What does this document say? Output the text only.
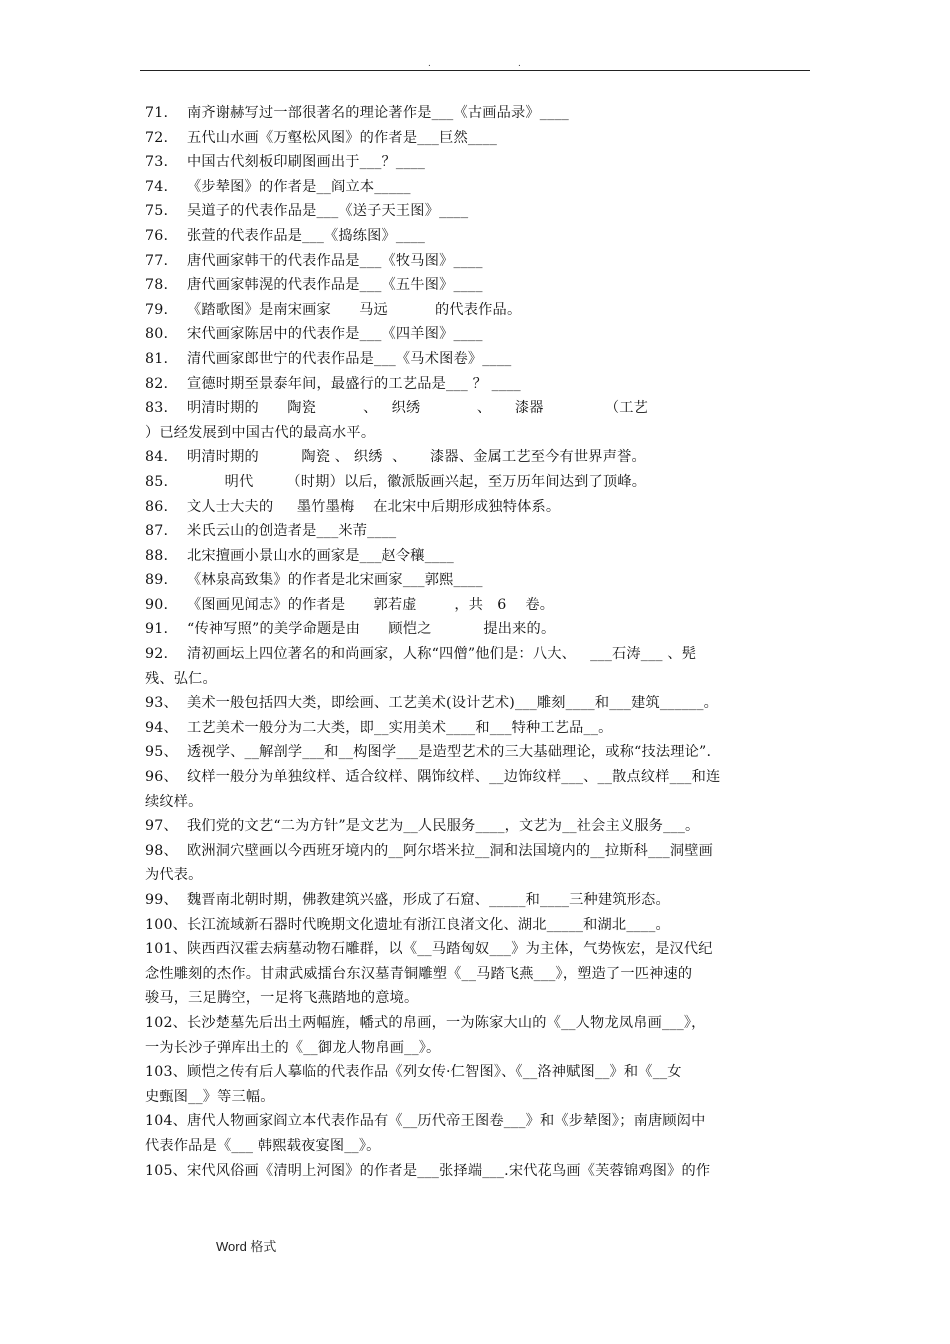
.	.
71.	南齐谢赫写过一部很著名的理论著作是___《古画品录》____
72.	五代山水画《万壑松风图》的作者是___巨然____
73.	中国古代刻板印刷图画出于___？____
74.	《步辇图》的作者是__阎立本_____
75.	吴道子的代表作品是___《送子天王图》____
76.	张萱的代表作品是___《捣练图》____
77.	唐代画家韩干的代表作品是___《牧马图》____
78.	唐代画家韩滉的代表作品是___《五牛图》____
79.	《踏歌图》是南宋画家      马远          的代表作品。
80.	宋代画家陈居中的代表作是___《四羊图》____
81.	清代画家郎世宁的代表作品是___《马术图卷》____
82.	宣德时期至景泰年间，最盛行的工艺品是___ ？ ____
83.	明清时期的      陶瓷          、   织绣            、     漆器             （工艺
）已经发展到中国古代的最高水平。
84.	明清时期的         陶瓷 、 织绣  、     漆器、金属工艺至今有世界声誉。
85.	明代       （时期）以后，徽派版画兴起，至万历年间达到了顶峰。
86.	文人士大夫的     墨竹墨梅    在北宋中后期形成独特体系。
87.	米氏云山的创造者是___米芾____
88.	北宋擅画小景山水的画家是___赵令穰____
89.	《林泉高致集》的作者是北宋画家___郭熙____
90.	《图画见闻志》的作者是      郭若虚        ，共   6    卷。
91.	“传神写照”的美学命题是由      顾恺之           提出来的。
92.	清初画坛上四位著名的和尚画家，人称“四僧”他们是：八大、   ___石涛___ 、髡
残、弘仁。
93、 美术一般包括四大类，即绘画、工艺美术(设计艺术)___雕刻____和___建筑______。
94、 工艺美术一般分为二大类，即__实用美术____和___特种工艺品__。
95、 透视学、__解剖学___和__构图学___是造型艺术的三大基础理论，或称“技法理论”.
96、 纹样一般分为单独纹样、适合纹样、隅饰纹样、__边饰纹样___、__散点纹样___和连
续纹样。
97、 我们党的文艺“二为方针”是文艺为__人民服务____，文艺为__社会主义服务___。
98、 欧洲洞穴壁画以今西班牙境内的__阿尔塔米拉__洞和法国境内的__拉斯科___洞壁画
为代表。
99、 魏晋南北朝时期，佛教建筑兴盛，形成了石窟、_____和____三种建筑形态。
100、 长江流域新石器时代晚期文化遗址有浙江良渚文化、湖北_____和湖北____。
101、 陕西西汉霍去病墓动物石雕群，以《__马踏匈奴___》为主体，气势恢宏，是汉代纪
念性雕刻的杰作。甘肃武威擂台东汉墓青铜雕塑《__马踏飞燕___》，塑造了一匹神速的
骏马，三足腾空，一足将飞燕踏地的意境。
102、 长沙楚墓先后出土两幅旌，幡式的帛画，一为陈家大山的《__人物龙凤帛画___》，
一为长沙子弹库出土的《__御龙人物帛画__》。
103、 顾恺之传有后人摹临的代表作品《列女传·仁智图》、《__洛神赋图__》和《__女
史甄图__》等三幅。
104、 唐代人物画家阎立本代表作品有《__历代帝王图卷___》和《步辇图》；南唐顾闳中
代表作品是《___ 韩熙载夜宴图__》。
105、 宋代风俗画《清明上河图》的作者是___张择端___.宋代花鸟画《芙蓉锦鸡图》的作
Word 格式
